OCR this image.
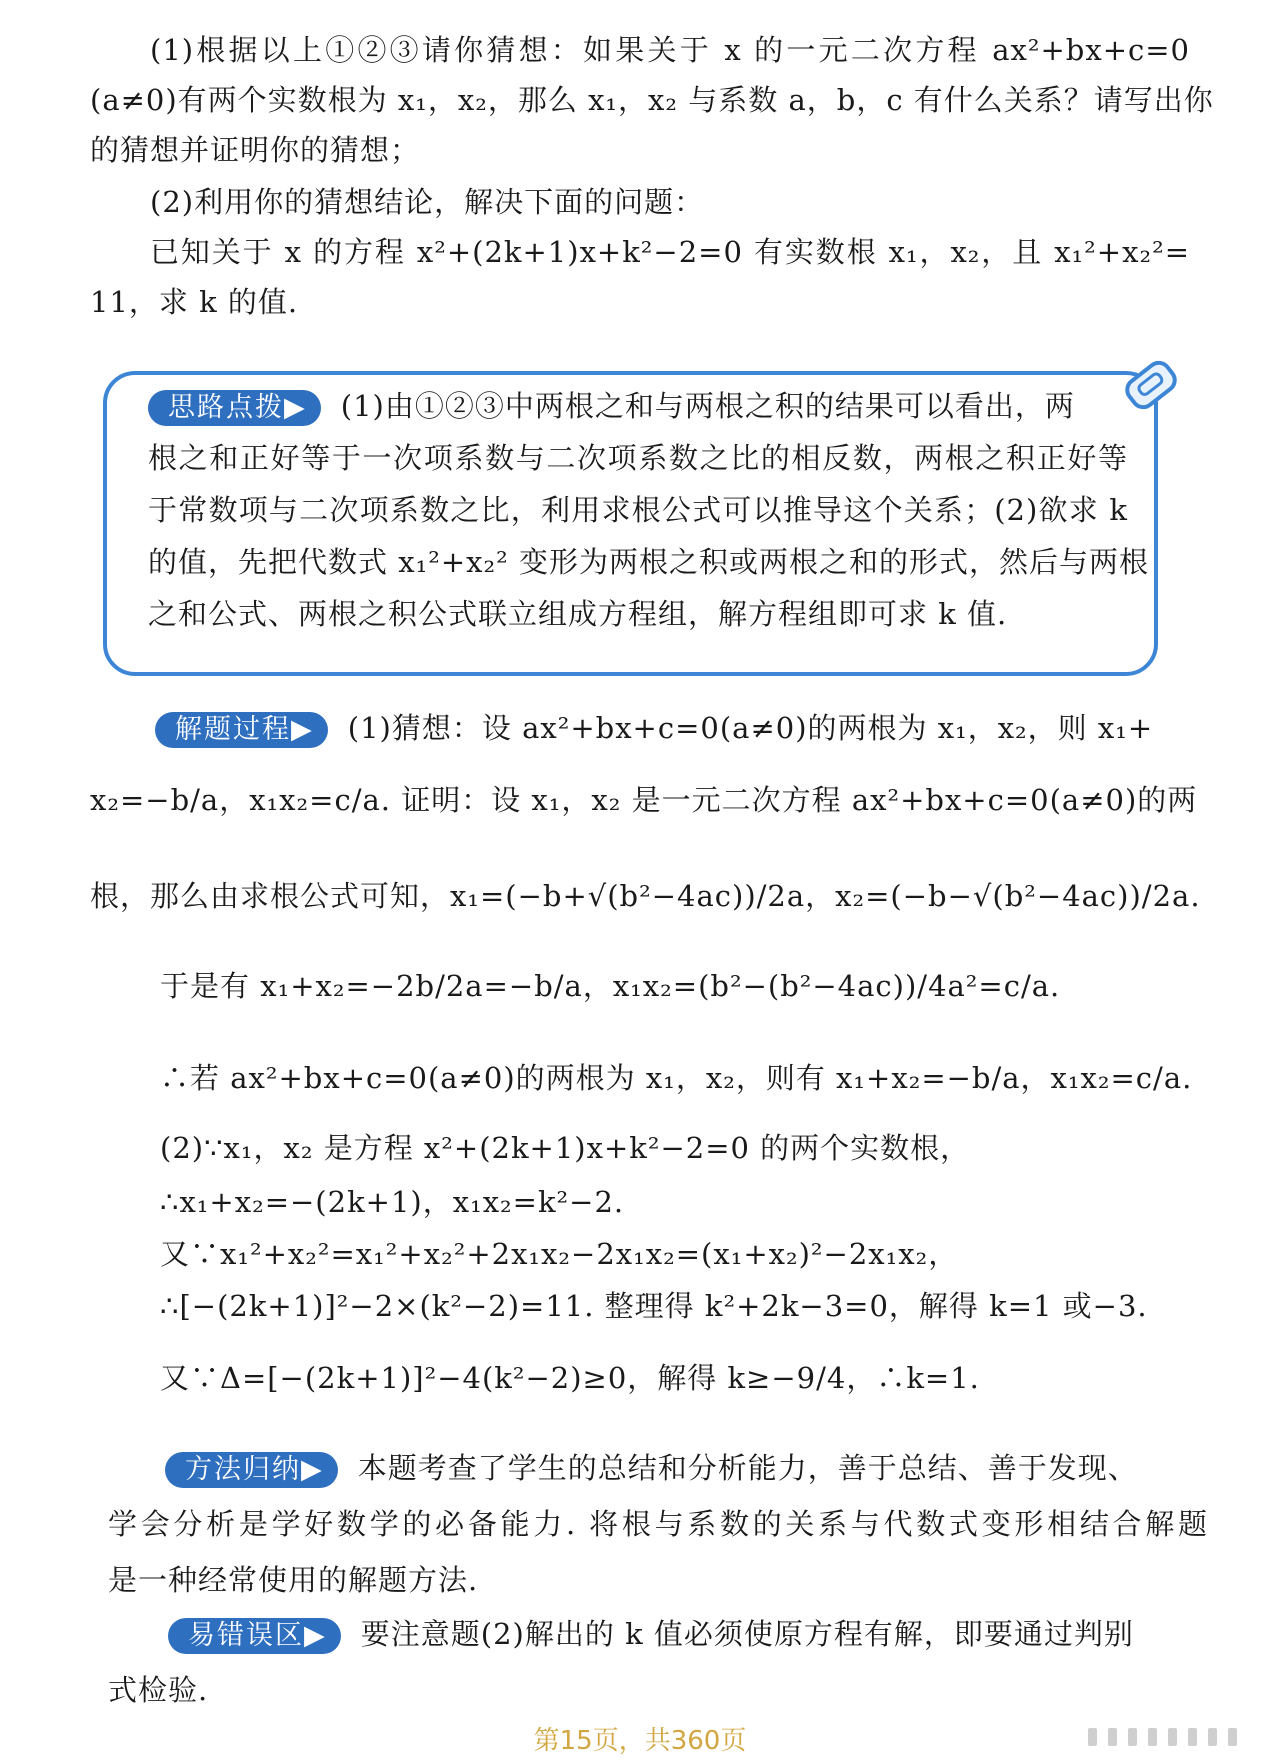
(1)根据以上①②③请你猜想：如果关于 x 的一元二次方程 ax²+bx+c=0
(a≠0)有两个实数根为 x₁，x₂，那么 x₁，x₂ 与系数 a，b，c 有什么关系？请写出你
的猜想并证明你的猜想；
(2)利用你的猜想结论，解决下面的问题：
已知关于 x 的方程 x²+(2k+1)x+k²−2=0 有实数根 x₁，x₂，且 x₁²+x₂²=
11，求 k 的值.
思路点拨▶ (1)由①②③中两根之和与两根之积的结果可以看出，两
根之和正好等于一次项系数与二次项系数之比的相反数，两根之积正好等
于常数项与二次项系数之比，利用求根公式可以推导这个关系；(2)欲求 k
的值，先把代数式 x₁²+x₂² 变形为两根之积或两根之和的形式，然后与两根
之和公式、两根之积公式联立组成方程组，解方程组即可求 k 值.
解题过程▶ (1)猜想：设 ax²+bx+c=0(a≠0)的两根为 x₁，x₂，则 x₁+
x₂=−b/a，x₁x₂=c/a. 证明：设 x₁，x₂ 是一元二次方程 ax²+bx+c=0(a≠0)的两
根，那么由求根公式可知，x₁=(−b+√(b²−4ac))/2a，x₂=(−b−√(b²−4ac))/2a.
于是有 x₁+x₂=−2b/2a=−b/a，x₁x₂=(b²−(b²−4ac))/4a²=c/a.
∴若 ax²+bx+c=0(a≠0)的两根为 x₁，x₂，则有 x₁+x₂=−b/a，x₁x₂=c/a.
(2)∵x₁，x₂ 是方程 x²+(2k+1)x+k²−2=0 的两个实数根，
∴x₁+x₂=−(2k+1)，x₁x₂=k²−2.
又∵x₁²+x₂²=x₁²+x₂²+2x₁x₂−2x₁x₂=(x₁+x₂)²−2x₁x₂，
∴[−(2k+1)]²−2×(k²−2)=11. 整理得 k²+2k−3=0，解得 k=1 或−3.
又∵Δ=[−(2k+1)]²−4(k²−2)≥0，解得 k≥−9/4，∴k=1.
方法归纳▶ 本题考查了学生的总结和分析能力，善于总结、善于发现、
学会分析是学好数学的必备能力. 将根与系数的关系与代数式变形相结合解题
是一种经常使用的解题方法.
易错误区▶ 要注意题(2)解出的 k 值必须使原方程有解，即要通过判别
式检验.
第15页，共360页
